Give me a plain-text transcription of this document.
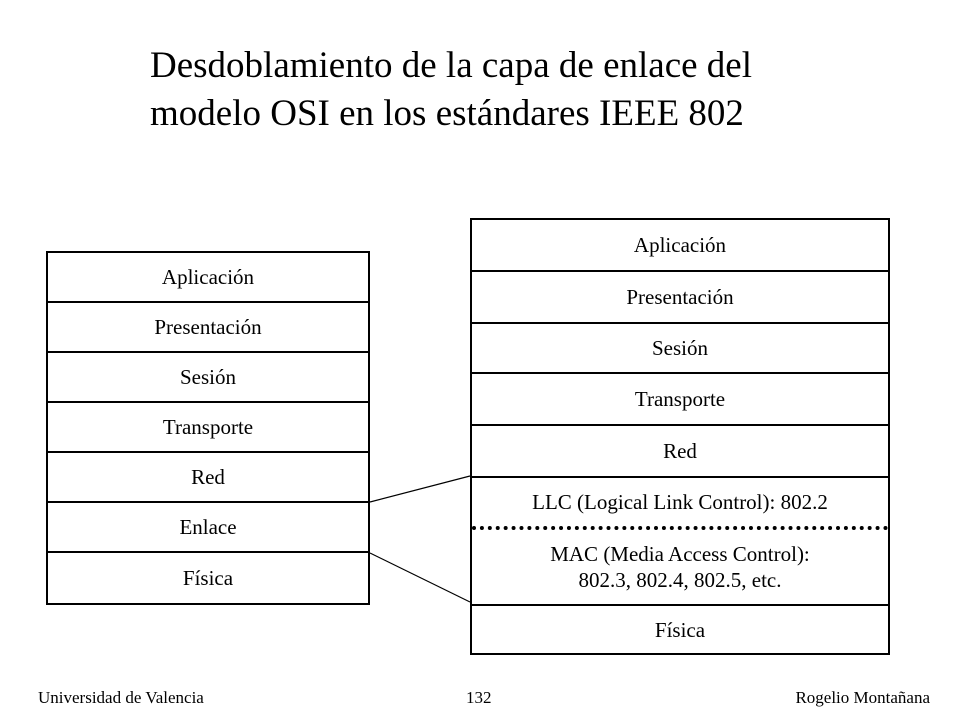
Desdoblamiento de la capa de enlace del
modelo OSI en los estándares IEEE 802
Aplicación
Presentación
Sesión
Transporte
Red
Enlace
Física
Aplicación
Presentación
Sesión
Transporte
Red
LLC (Logical Link Control): 802.2
MAC (Media Access Control):
802.3, 802.4, 802.5, etc.
Física
Universidad de Valencia	132	Rogelio Montañana
